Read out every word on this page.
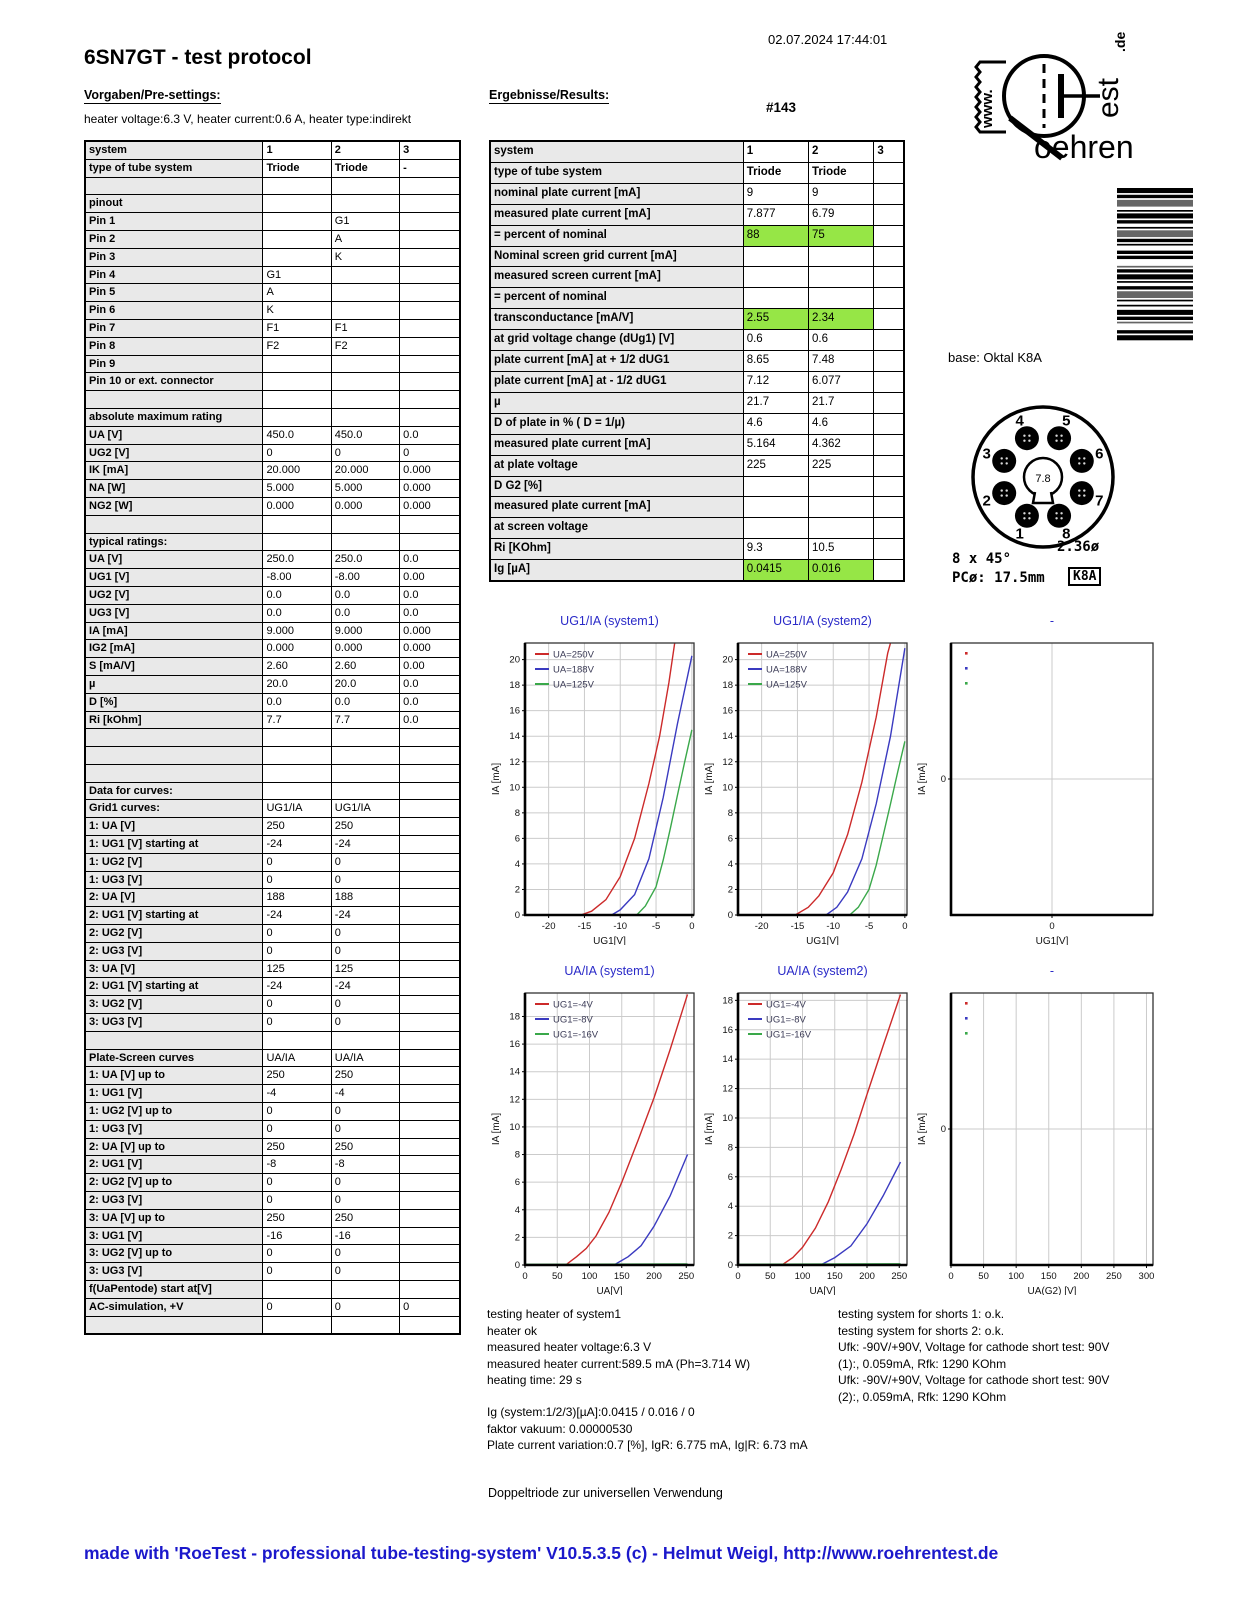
02.07.2024 17:44:01
6SN7GT - test protocol
Vorgaben/Pre-settings:
heater voltage:6.3 V, heater current:0.6 A, heater type:indirekt
Ergebnisse/Results:
#143
oehren
est
.de
www.
system	1	2	3
type of tube system	Triode	Triode	-

pinout			
Pin 1		G1	
Pin 2		A	
Pin 3		K	
Pin 4	G1		
Pin 5	A		
Pin 6	K		
Pin 7	F1	F1	
Pin 8	F2	F2	
Pin 9			
Pin 10 or ext. connector			

absolute maximum rating			
UA [V]	450.0	450.0	0.0
UG2 [V]	0	0	0
IK [mA]	20.000	20.000	0.000
NA [W]	5.000	5.000	0.000
NG2 [W]	0.000	0.000	0.000

typical ratings:			
UA [V]	250.0	250.0	0.0
UG1 [V]	-8.00	-8.00	0.00
UG2 [V]	0.0	0.0	0.0
UG3 [V]	0.0	0.0	0.0
IA [mA]	9.000	9.000	0.000
IG2 [mA]	0.000	0.000	0.000
S [mA/V]	2.60	2.60	0.00
µ	20.0	20.0	0.0
D [%]	0.0	0.0	0.0
Ri [kOhm]	7.7	7.7	0.0

Data for curves:			
Grid1 curves:	UG1/IA	UG1/IA	
1: UA [V]	250	250	
1: UG1 [V] starting at	-24	-24	
1: UG2 [V]	0	0	
1: UG3 [V]	0	0	
2: UA [V]	188	188	
2: UG1 [V] starting at	-24	-24	
2: UG2 [V]	0	0	
2: UG3 [V]	0	0	
3: UA [V]	125	125	
2: UG1 [V] starting at	-24	-24	
3: UG2 [V]	0	0	
3: UG3 [V]	0	0	

Plate-Screen curves	UA/IA	UA/IA	
1: UA [V] up to	250	250	
1: UG1 [V]	-4	-4	
1: UG2 [V] up to	0	0	
1: UG3 [V]	0	0	
2: UA [V] up to	250	250	
2: UG1 [V]	-8	-8	
2: UG2 [V] up to	0	0	
2: UG3 [V]	0	0	
3: UA [V] up to	250	250	
3: UG1 [V]	-16	-16	
3: UG2 [V] up to	0	0	
3: UG3 [V]	0	0	
f(UaPentode) start at[V]			
AC-simulation, +V	0	0	0

system	1	2	3
type of tube system	Triode	Triode	
nominal plate current [mA]	9	9	
measured plate current [mA]	7.877	6.79	
= percent of nominal	88	75	
Nominal screen grid current [mA]			
measured screen current [mA]			
= percent of nominal			
transconductance [mA/V]	2.55	2.34	
at grid voltage change (dUg1) [V]	0.6	0.6	
plate current [mA] at + 1/2 dUG1	8.65	7.48	
plate current [mA] at - 1/2 dUG1	7.12	6.077	
µ	21.7	21.7	
D of plate in % ( D = 1/µ)	4.6	4.6	
measured plate current [mA]	5.164	4.362	
at plate voltage	225	225	
D G2 [%]			
measured plate current [mA]			
at screen voltage			
Ri [KOhm]	9.3	10.5	
Ig [µA]	0.0415	0.016	
base: Oktal K8A
7.8
1
2
3
4	5
6
7
8
8 x 45°
2.36ø
PCø: 17.5mm	K8A
-20 -15 -10	-5	0
0
2
4
6
8
10
12
14
16
18
20
UG1/IA (system1)
UG1[V]
IA [mA]
UA=250V
UA=188V
UA=125V
-20 -15 -10	-5	0
0
2
4
6
8
10
12
14
16
18
20
UG1/IA (system2)
UG1[V]
IA [mA]
UA=250V
UA=188V
UA=125V
0
0
-
UG1[V]
IA [mA]
0	50 100 150 200 250
0
2
4
6
8
10
12
14
16
18
UA/IA (system1)
UA[V]
IA [mA]
UG1=-4V
UG1=-8V
UG1=-16V
0	50 100 150 200 250
0
2
4
6
8
10
12
14
16
18
UA/IA (system2)
UA[V]
IA [mA]
UG1=-4V
UG1=-8V
UG1=-16V
0	50 100 150 200 250 300
0
-
UA(G2) [V]
IA [mA]
testing heater of system1
heater ok
measured heater voltage:6.3 V
measured heater current:589.5 mA (Ph=3.714 W)
heating time: 29 s
Ig (system:1/2/3)[µA]:0.0415 / 0.016 / 0
faktor vakuum: 0.00000530
Plate current variation:0.7 [%], IgR: 6.775 mA, Ig|R: 6.73 mA
testing system for shorts 1: o.k.
testing system for shorts 2: o.k.
Ufk: -90V/+90V, Voltage for cathode short test: 90V
(1):, 0.059mA, Rfk: 1290 KOhm
Ufk: -90V/+90V, Voltage for cathode short test: 90V
(2):, 0.059mA, Rfk: 1290 KOhm
Doppeltriode zur universellen Verwendung
made with 'RoeTest - professional tube-testing-system' V10.5.3.5 (c) - Helmut Weigl, http://www.roehrentest.de
